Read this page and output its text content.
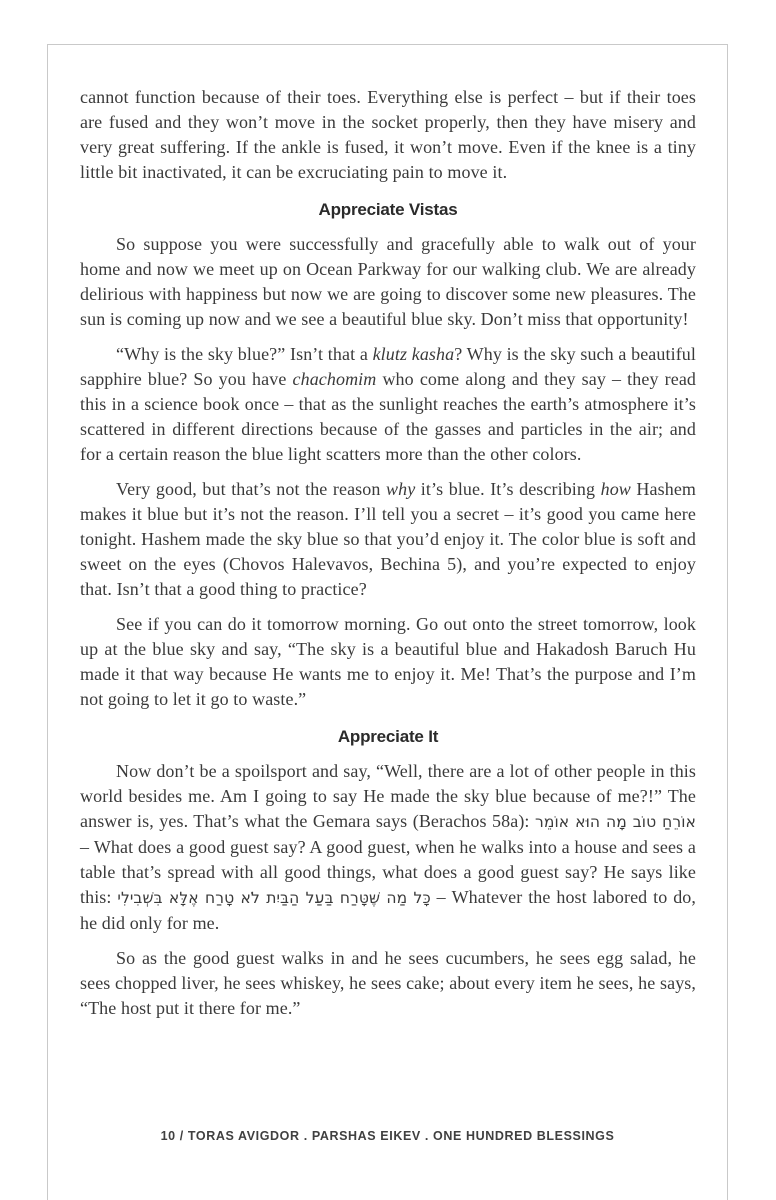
cannot function because of their toes. Everything else is perfect – but if their toes are fused and they won’t move in the socket properly, then they have misery and very great suffering. If the ankle is fused, it won’t move. Even if the knee is a tiny little bit inactivated, it can be excruciating pain to move it.

Appreciate Vistas

So suppose you were successfully and gracefully able to walk out of your home and now we meet up on Ocean Parkway for our walking club. We are already delirious with happiness but now we are going to discover some new pleasures. The sun is coming up now and we see a beautiful blue sky. Don’t miss that opportunity!

“Why is the sky blue?” Isn’t that a klutz kasha? Why is the sky such a beautiful sapphire blue? So you have chachomim who come along and they say – they read this in a science book once – that as the sunlight reaches the earth’s atmosphere it’s scattered in different directions because of the gasses and particles in the air; and for a certain reason the blue light scatters more than the other colors.

Very good, but that’s not the reason why it’s blue. It’s describing how Hashem makes it blue but it’s not the reason. I’ll tell you a secret – it’s good you came here tonight. Hashem made the sky blue so that you’d enjoy it. The color blue is soft and sweet on the eyes (Chovos Halevavos, Bechina 5), and you’re expected to enjoy that. Isn’t that a good thing to practice?

See if you can do it tomorrow morning. Go out onto the street tomorrow, look up at the blue sky and say, “The sky is a beautiful blue and Hakadosh Baruch Hu made it that way because He wants me to enjoy it. Me! That’s the purpose and I’m not going to let it go to waste.”

Appreciate It

Now don’t be a spoilsport and say, “Well, there are a lot of other people in this world besides me. Am I going to say He made the sky blue because of me?!” The answer is, yes. That’s what the Gemara says (Berachos 58a): אוֹרֵחַ טוֹב מָה הוּא אוֹמֵר – What does a good guest say? A good guest, when he walks into a house and sees a table that’s spread with all good things, what does a good guest say? He says like this: כָּל מַה שֶּׁטָּרַח בַּעַל הַבַּיִת לֹא טָרַח אֶלָּא בִּשְׁבִילִי – Whatever the host labored to do, he did only for me.

So as the good guest walks in and he sees cucumbers, he sees egg salad, he sees chopped liver, he sees whiskey, he sees cake; about every item he sees, he says, “The host put it there for me.”

10 / TORAS AVIGDOR . PARSHAS EIKEV . ONE HUNDRED BLESSINGS
